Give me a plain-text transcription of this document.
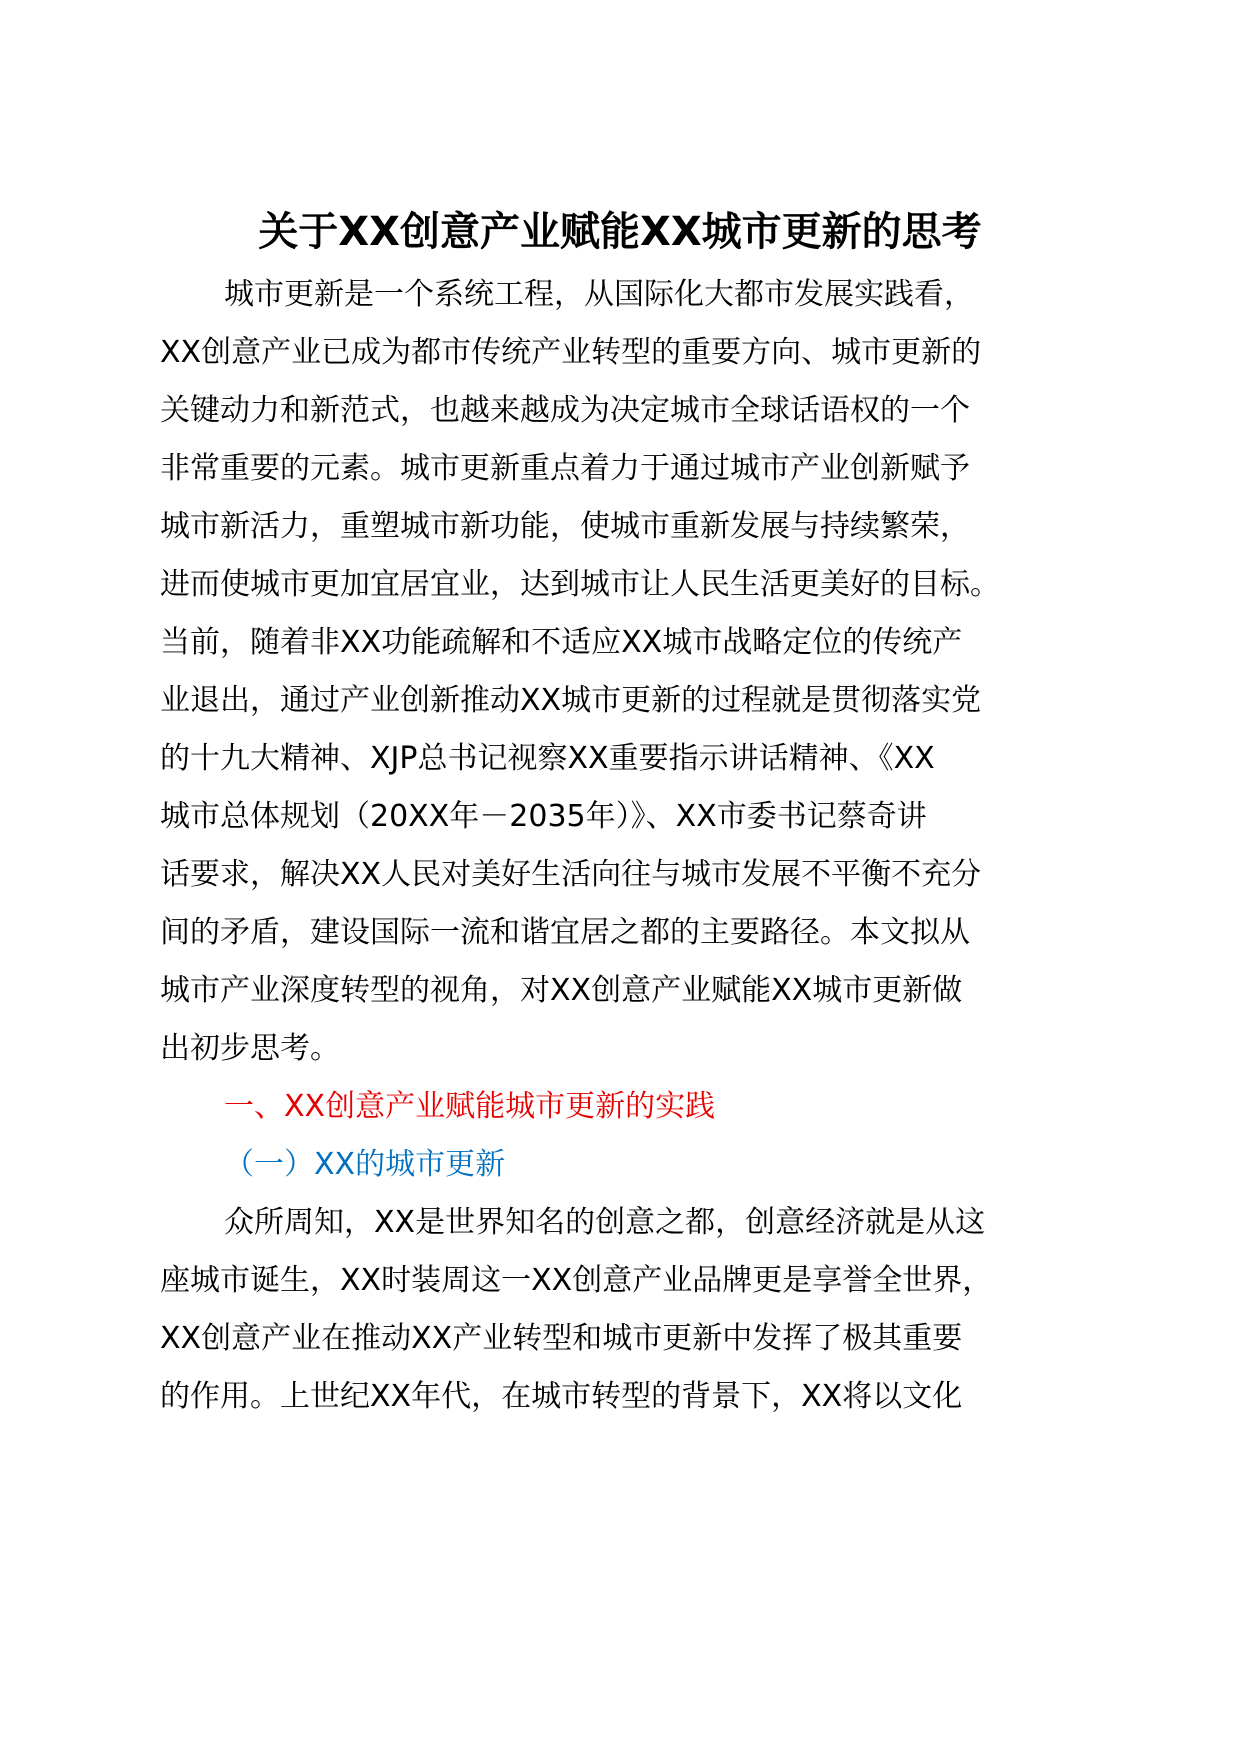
关于XX创意产业赋能XX城市更新的思考

城市更新是一个系统工程，从国际化大都市发展实践看，

XX创意产业已成为都市传统产业转型的重要方向、城市更新的

关键动力和新范式，也越来越成为决定城市全球话语权的一个

非常重要的元素。城市更新重点着力于通过城市产业创新赋予

城市新活力，重塑城市新功能，使城市重新发展与持续繁荣，

进而使城市更加宜居宜业，达到城市让人民生活更美好的目标。

当前，随着非XX功能疏解和不适应XX城市战略定位的传统产

业退出，通过产业创新推动XX城市更新的过程就是贯彻落实党

的十九大精神、XJP总书记视察XX重要指示讲话精神、《XX

城市总体规划（20XX年－2035年）》、XX市委书记蔡奇讲

话要求，解决XX人民对美好生活向往与城市发展不平衡不充分

间的矛盾，建设国际一流和谐宜居之都的主要路径。本文拟从

城市产业深度转型的视角，对XX创意产业赋能XX城市更新做

出初步思考。

一、XX创意产业赋能城市更新的实践

（一）XX的城市更新

众所周知，XX是世界知名的创意之都，创意经济就是从这

座城市诞生，XX时装周这一XX创意产业品牌更是享誉全世界，

XX创意产业在推动XX产业转型和城市更新中发挥了极其重要

的作用。上世纪XX年代，在城市转型的背景下，XX将以文化
